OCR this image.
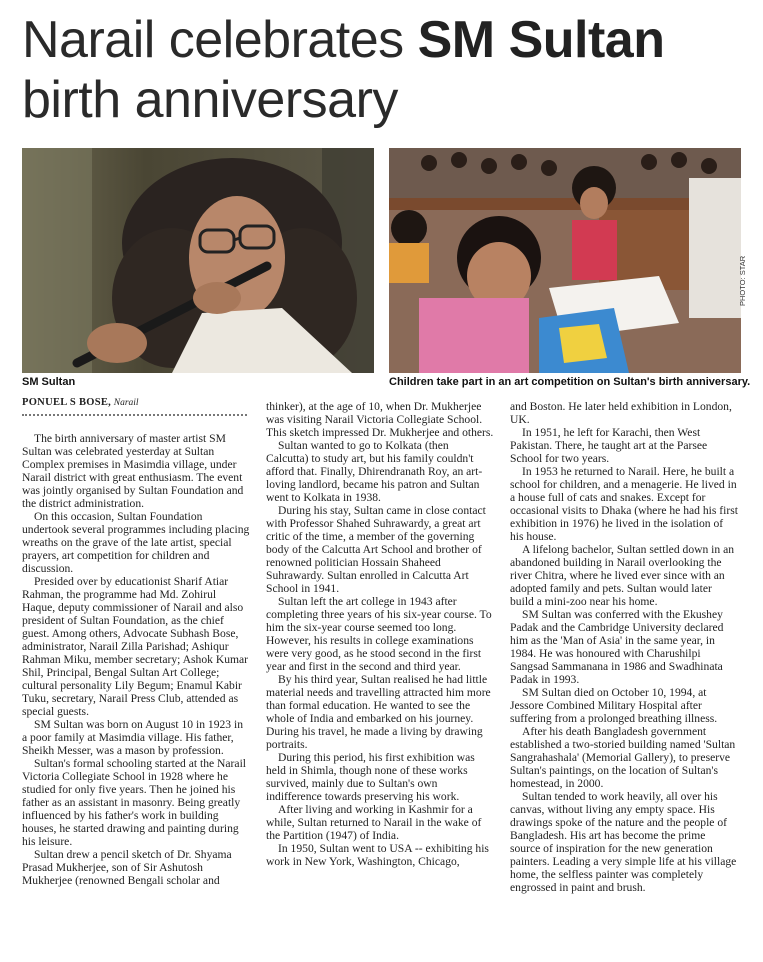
Narail celebrates SM Sultan
birth anniversary
PHOTO: STAR
SM Sultan	Children take part in an art competition on Sultan's birth anniversary.
PONUEL S BOSE, Narail

The birth anniversary of master artist SM Sultan was celebrated yesterday at Sultan Complex premises in Masimdia village, under Narail district with great enthusiasm. The event was jointly organised by Sultan Foundation and the district administration.

On this occasion, Sultan Foundation undertook several programmes including placing wreaths on the grave of the late artist, special prayers, art competition for children and discussion.

Presided over by educationist Sharif Atiar Rahman, the programme had Md. Zohirul Haque, deputy commissioner of Narail and also president of Sultan Foundation, as the chief guest. Among others, Advocate Subhash Bose, administrator, Narail Zilla Parishad; Ashiqur Rahman Miku, member secretary; Ashok Kumar Shil, Principal, Bengal Sultan Art College; cultural personality Lily Begum; Enamul Kabir Tuku, secretary, Narail Press Club, attended as special guests.

SM Sultan was born on August 10 in 1923 in a poor family at Masimdia village. His father, Sheikh Messer, was a mason by profession.

Sultan's formal schooling started at the Narail Victoria Collegiate School in 1928 where he studied for only five years. Then he joined his father as an assistant in masonry. Being greatly influenced by his father's work in building houses, he started drawing and painting during his leisure.

Sultan drew a pencil sketch of Dr. Shyama Prasad Mukherjee, son of Sir Ashutosh Mukherjee (renowned Bengali scholar and

thinker), at the age of 10, when Dr. Mukherjee was visiting Narail Victoria Collegiate School. This sketch impressed Dr. Mukherjee and others.

Sultan wanted to go to Kolkata (then Calcutta) to study art, but his family couldn't afford that. Finally, Dhirendranath Roy, an art-loving landlord, became his patron and Sultan went to Kolkata in 1938.

During his stay, Sultan came in close contact with Professor Shahed Suhrawardy, a great art critic of the time, a member of the governing body of the Calcutta Art School and brother of renowned politician Hossain Shaheed Suhrawardy. Sultan enrolled in Calcutta Art School in 1941.

Sultan left the art college in 1943 after completing three years of his six-year course. To him the six-year course seemed too long. However, his results in college examinations were very good, as he stood second in the first year and first in the second and third year.

By his third year, Sultan realised he had little material needs and travelling attracted him more than formal education. He wanted to see the whole of India and embarked on his journey. During his travel, he made a living by drawing portraits.

During this period, his first exhibition was held in Shimla, though none of these works survived, mainly due to Sultan's own indifference towards preserving his work.

After living and working in Kashmir for a while, Sultan returned to Narail in the wake of the Partition (1947) of India.

In 1950, Sultan went to USA -- exhibiting his work in New York, Washington, Chicago,

and Boston. He later held exhibition in London, UK.

In 1951, he left for Karachi, then West Pakistan. There, he taught art at the Parsee School for two years.

In 1953 he returned to Narail. Here, he built a school for children, and a menagerie. He lived in a house full of cats and snakes. Except for occasional visits to Dhaka (where he had his first exhibition in 1976) he lived in the isolation of his house.

A lifelong bachelor, Sultan settled down in an abandoned building in Narail overlooking the river Chitra, where he lived ever since with an adopted family and pets. Sultan would later build a mini-zoo near his home.

SM Sultan was conferred with the Ekushey Padak and the Cambridge University declared him as the 'Man of Asia' in the same year, in 1984. He was honoured with Charushilpi Sangsad Sammanana in 1986 and Swadhinata Padak in 1993.

SM Sultan died on October 10, 1994, at Jessore Combined Military Hospital after suffering from a prolonged breathing illness.

After his death Bangladesh government established a two-storied building named 'Sultan Sangrahashala' (Memorial Gallery), to preserve Sultan's paintings, on the location of Sultan's homestead, in 2000.

Sultan tended to work heavily, all over his canvas, without living any empty space. His drawings spoke of the nature and the people of Bangladesh. His art has become the prime source of inspiration for the new generation painters. Leading a very simple life at his village home, the selfless painter was completely engrossed in paint and brush.
